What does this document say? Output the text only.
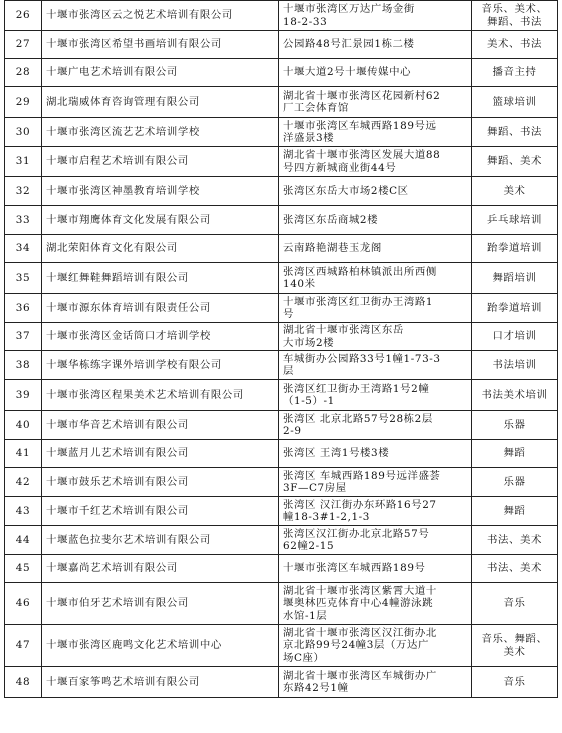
26	十堰市张湾区云之悦艺术培训有限公司	十堰市张湾区万达广场金街
18-2-33	音乐、美术、
舞蹈、书法
27	十堰市张湾区希望书画培训有限公司	公园路48号汇景园1栋二楼	美术、书法
28	十堰广电艺术培训有限公司	十堰大道2号十堰传媒中心	播音主持
29	湖北瑞威体育咨询管理有限公司	湖北省十堰市张湾区花园新村62
厂工会体育馆	篮球培训
30	十堰市张湾区流艺艺术培训学校	十堰市张湾区车城西路189号远
洋盛景3楼	舞蹈、书法
31	十堰市启程艺术培训有限公司	湖北省十堰市张湾区发展大道88
号四方新城商业街44号	舞蹈、美术
32	十堰市张湾区神墨教育培训学校	张湾区东岳大市场2楼C区	美术
33	十堰市翔鹰体育文化发展有限公司	张湾区东岳商城2楼	乒乓球培训
34	湖北荣阳体育文化有限公司	云南路艳湖巷玉龙阁	跆拳道培训
35	十堰红舞鞋舞蹈培训有限公司	张湾区西城路柏林镇派出所西侧
140米	舞蹈培训
36	十堰市源东体育培训有限责任公司	十堰市张湾区红卫街办王湾路1
号	跆拳道培训
37	十堰市张湾区金话筒口才培训学校	湖北省十堰市张湾区东岳
大市场2楼	口才培训
38	十堰华栋练字课外培训学校有限公司	车城街办公园路33号1幢1-73-3
层	书法培训
39	十堰市张湾区程果美术艺术培训有限公司	张湾区红卫街办王湾路1号2幢
（1-5）-1	书法美术培训
40	十堰市华音艺术培训有限公司	张湾区 北京北路57号28栋2层
2-9	乐器
41	十堰蓝月儿艺术培训有限公司	张湾区 王湾1号楼3楼	舞蹈
42	十堰市鼓乐艺术培训有限公司	张湾区 车城西路189号远洋盛荟
3F—C7房屋	乐器
43	十堰市千红艺术培训有限公司	张湾区 汉江街办东环路16号27
幢18-3#1-2,1-3	舞蹈
44	十堰蓝色拉斐尔艺术培训有限公司	张湾区汉江街办北京北路57号
62幢2-15	书法、美术
45	十堰嘉尚艺术培训有限公司	十堰市张湾区车城西路189号	书法、美术
46	十堰市伯牙艺术培训有限公司	湖北省十堰市张湾区紫霄大道十
堰奥林匹克体育中心4幢游泳跳
水馆-1层	音乐
47	十堰市张湾区鹿鸣文化艺术培训中心	湖北省十堰市张湾区汉江街办北
京北路99号24幢3层（万达广
场C座）	音乐、舞蹈、
美术
48	十堰百家筝鸣艺术培训有限公司	湖北省十堰市张湾区车城街办广
东路42号1幢	音乐
